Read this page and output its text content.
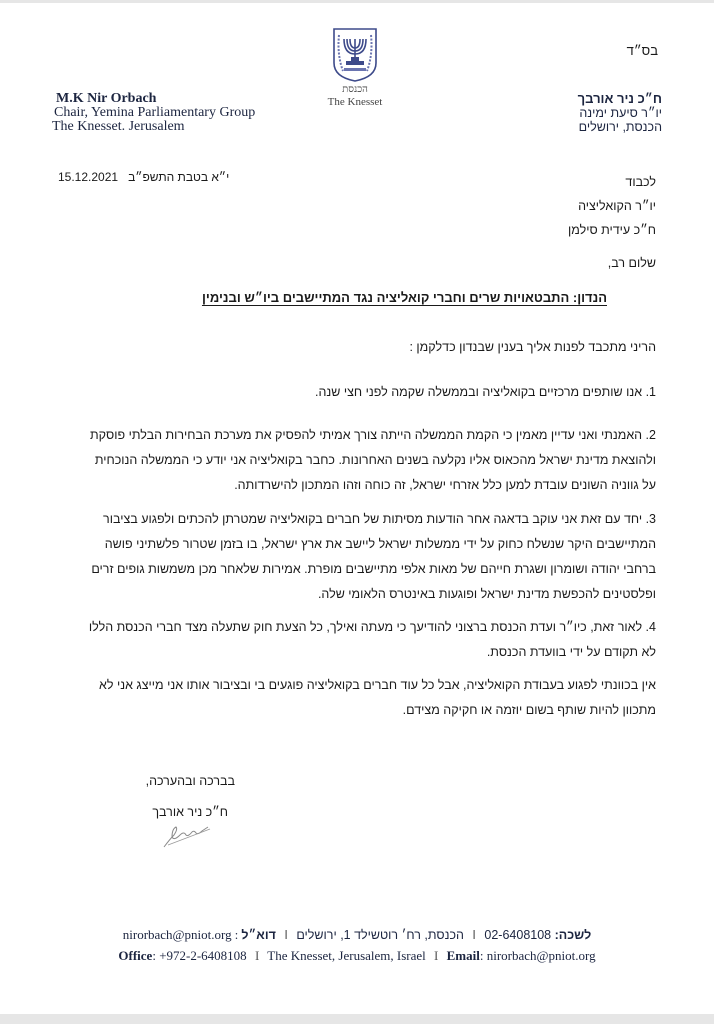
בס״ד
הכנסת
The Knesset
M.K Nir Orbach
Chair, Yemina Parliamentary Group
The Knesset. Jerusalem
ח״כ ניר אורבך
יו״ר סיעת ימינה
הכנסת, ירושלים
י״א בטבת התשפ״ב   15.12.2021	לכבוד
יו״ר הקואליציה
ח״כ עידית סילמן
שלום רב,
הנדון: התבטאויות שרים וחברי קואליציה נגד המתיישבים ביו״ש ובנימין
הריני מתכבד לפנות אליך בענין שבנדון כדלקמן :
1. אנו שותפים מרכזיים בקואליציה ובממשלה שקמה לפני חצי שנה.
2. האמנתי ואני עדיין מאמין כי הקמת הממשלה הייתה צורך אמיתי להפסיק את מערכת הבחירות הבלתי פוסקת
ולהוצאת מדינת ישראל מהכאוס אליו נקלעה בשנים האחרונות. כחבר בקואליציה אני יודע כי הממשלה הנוכחית
על גווניה השונים עובדת למען כלל אזרחי ישראל, זה כוחה וזהו המתכון להישרדותה.
3. יחד עם זאת אני עוקב בדאגה אחר הודעות מסיתות של חברים בקואליציה שמטרתן להכתים ולפגוע בציבור
המתיישבים היקר שנשלח כחוק על ידי ממשלות ישראל ליישב את ארץ ישראל, בו בזמן שטרור פלשתיני פושה
ברחבי יהודה ושומרון ושגרת חייהם של מאות אלפי מתיישבים מופרת. אמירות שלאחר מכן משמשות גופים זרים
ופלסטינים להכפשת מדינת ישראל ופוגעות באינטרס הלאומי שלה.
4. לאור זאת, כיו״ר ועדת הכנסת ברצוני להודיעך כי מעתה ואילך, כל הצעת חוק שתעלה מצד חברי הכנסת הללו
לא תקודם על ידי בוועדת הכנסת.
אין בכוונתי לפגוע בעבודת הקואליציה, אבל כל עוד חברים בקואליציה פוגעים בי ובציבור אותו אני מייצג אני לא
מתכוון להיות שותף בשום יוזמה או חקיקה מצידם.
בברכה ובהערכה,
ח״כ ניר אורבך
nirorbach@pniot.org : דוא״ל I הכנסת, רח׳ רוטשילד 1, ירושלים I 02-6408108 לשכה:
Office: +972-2-6408108 I The Knesset, Jerusalem, Israel I Email: nirorbach@pniot.org
